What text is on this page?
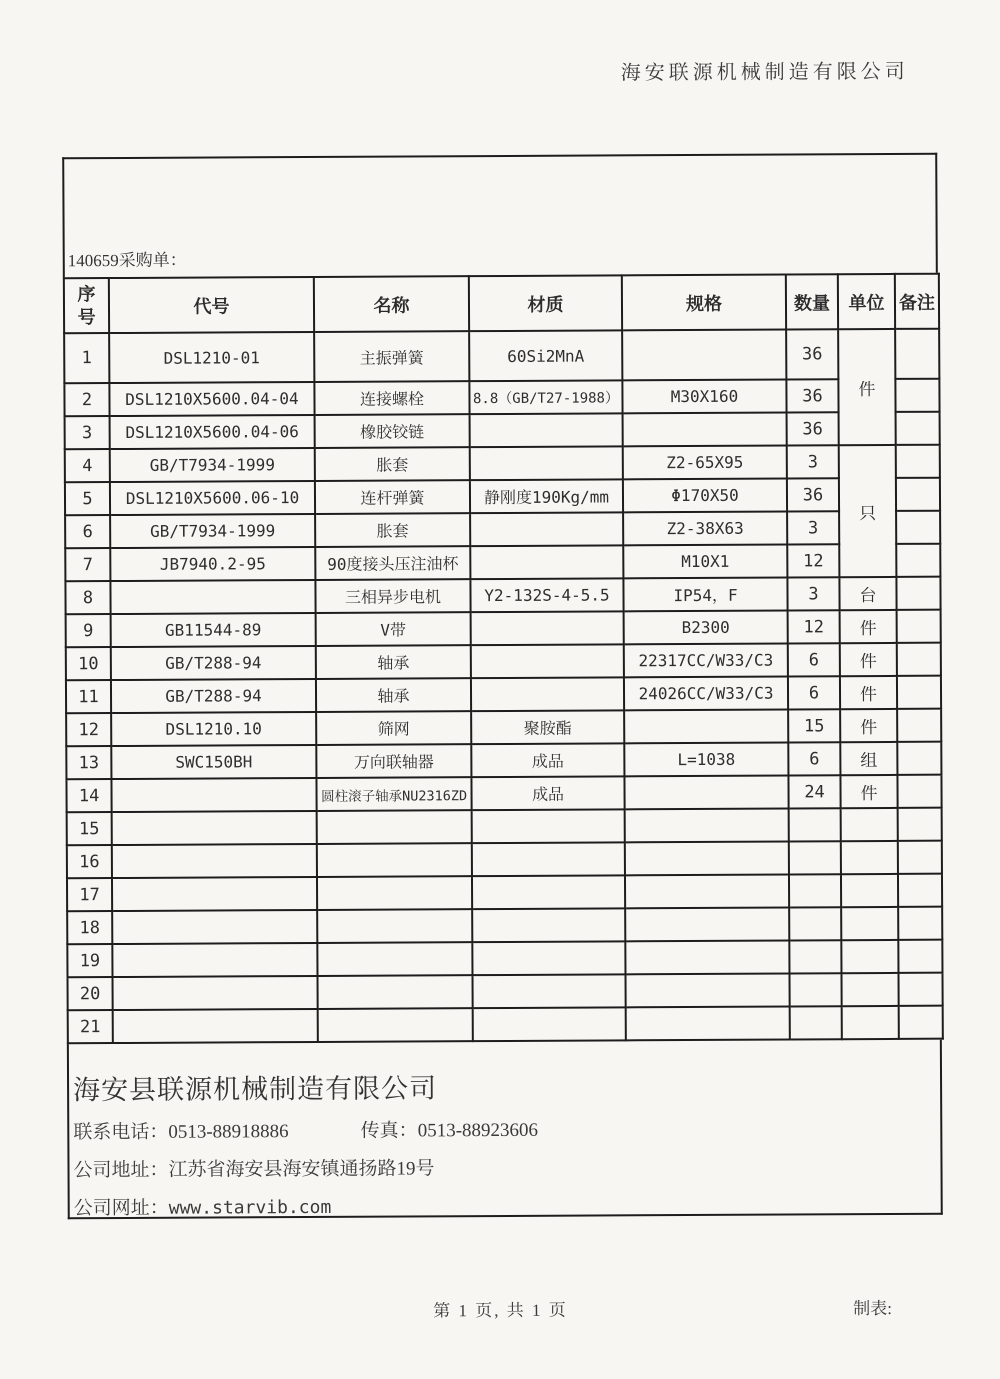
海安联源机械制造有限公司
140659采购单：
序号	代号	名称	材质	规格	数量	单位	备注
1	DSL1210-01	主振弹簧	60Si2MnA		36	件	
2	DSL1210X5600.04-04	连接螺栓	8.8（GB/T27-1988）	M30X160	36		
3	DSL1210X5600.04-06	橡胶铰链			36		
4	GB/T7934-1999	胀套		Z2-65X95	3	只	
5	DSL1210X5600.06-10	连杆弹簧	静刚度190Kg/mm	Φ170X50	36		
6	GB/T7934-1999	胀套		Z2-38X63	3		
7	JB7940.2-95	90度接头压注油杯		M10X1	12		
8		三相异步电机	Y2-132S-4-5.5	IP54，F	3	台	
9	GB11544-89	V带		B2300	12	件	
10	GB/T288-94	轴承		22317CC/W33/C3	6	件	
11	GB/T288-94	轴承		24026CC/W33/C3	6	件	
12	DSL1210.10	筛网	聚胺酯		15	件	
13	SWC150BH	万向联轴器	成品	L=1038	6	组	
14		圆柱滚子轴承NU2316ZD	成品		24	件	
15							
16							
17							
18							
19							
20							
21							
海安县联源机械制造有限公司

联系电话：0513-88918886	传真：0513-88923606

公司地址：江苏省海安县海安镇通扬路19号

公司网址：www.starvib.com

第 1 页, 共 1 页	制表:
